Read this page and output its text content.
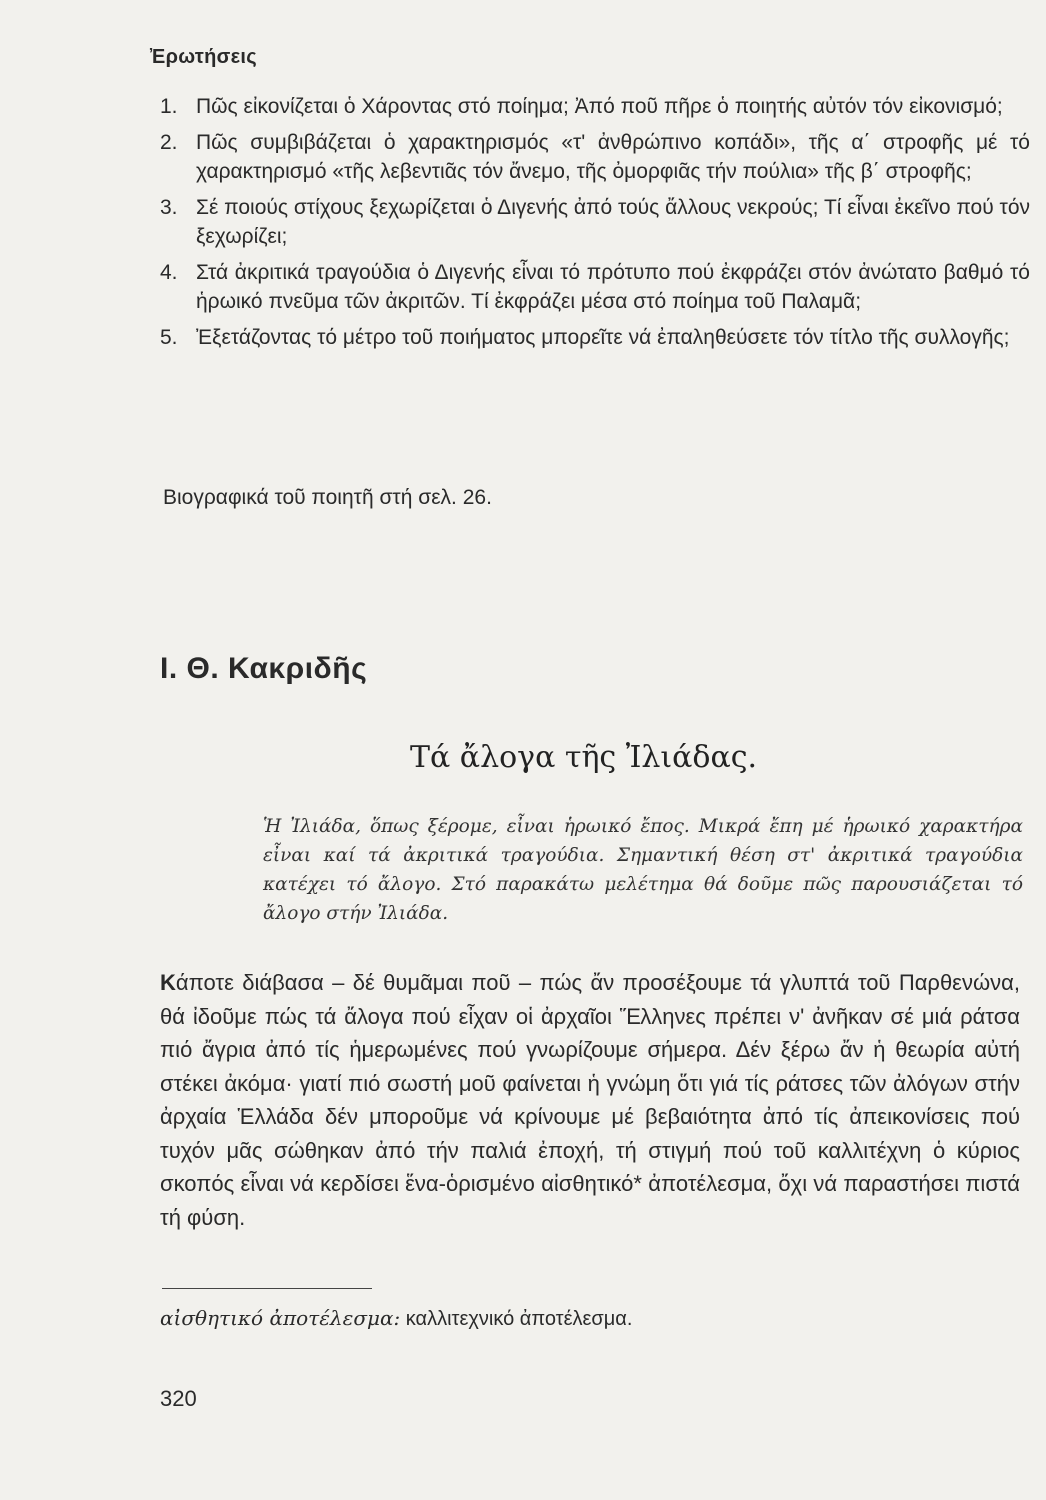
Ἐρωτήσεις
1. Πῶς εἰκονίζεται ὁ Χάροντας στό ποίημα; Ἀπό ποῦ πῆρε ὁ ποιητής αὐτόν τόν εἰκονισμό;
2. Πῶς συμβιβάζεται ὁ χαρακτηρισμός «τ' ἀνθρώπινο κοπάδι», τῆς α΄ στροφῆς μέ τό χαρακτηρισμό «τῆς λεβεντιᾶς τόν ἄνεμο, τῆς ὀμορφιᾶς τήν πούλια» τῆς β΄ στροφῆς;
3. Σέ ποιούς στίχους ξεχωρίζεται ὁ Διγενής ἀπό τούς ἄλλους νεκρούς; Τί εἶναι ἐκεῖνο πού τόν ξεχωρίζει;
4. Στά ἀκριτικά τραγούδια ὁ Διγενής εἶναι τό πρότυπο πού ἐκφράζει στόν ἀνώτατο βαθμό τό ἡρωικό πνεῦμα τῶν ἀκριτῶν. Τί ἐκφράζει μέσα στό ποίημα τοῦ Παλαμᾶ;
5. Ἐξετάζοντας τό μέτρο τοῦ ποιήματος μπορεῖτε νά ἐπαληθεύσετε τόν τίτλο τῆς συλλογῆς;
Βιογραφικά τοῦ ποιητῆ στή σελ. 26.
Ι. Θ. Κακριδῆς
Τά ἄλογα τῆς Ἰλιάδας.
Ἡ Ἰλιάδα, ὅπως ξέρομε, εἶναι ἡρωικό ἔπος. Μικρά ἔπη μέ ἡρωικό χαρακτήρα εἶναι καί τά ἀκριτικά τραγούδια. Σημαντική θέση στ' ἀκριτικά τραγούδια κατέχει τό ἄλογο. Στό παρακάτω μελέτημα θά δοῦμε πῶς παρουσιάζεται τό ἄλογο στήν Ἰλιάδα.
Κάποτε διάβασα – δέ θυμᾶμαι ποῦ – πώς ἄν προσέξουμε τά γλυπτά τοῦ Παρθενώνα, θά ἰδοῦμε πώς τά ἄλογα πού εἶχαν οἱ ἀρχαῖοι Ἕλληνες πρέπει ν' ἀνῆκαν σέ μιά ράτσα πιό ἄγρια ἀπό τίς ἡμερωμένες πού γνωρίζουμε σήμερα. Δέν ξέρω ἄν ἡ θεωρία αὐτή στέκει ἀκόμα· γιατί πιό σωστή μοῦ φαίνεται ἡ γνώμη ὅτι γιά τίς ράτσες τῶν ἀλόγων στήν ἀρχαία Ἑλλάδα δέν μποροῦμε νά κρίνουμε μέ βεβαιότητα ἀπό τίς ἀπεικονίσεις πού τυχόν μᾶς σώθηκαν ἀπό τήν παλιά ἐποχή, τή στιγμή πού τοῦ καλλιτέχνη ὁ κύριος σκοπός εἶναι νά κερδίσει ἕνα-ὁρισμένο αἰσθητικό* ἀποτέλεσμα, ὄχι νά παραστήσει πιστά τή φύση.
αἰσθητικό ἀποτέλεσμα: καλλιτεχνικό ἀποτέλεσμα.
320
